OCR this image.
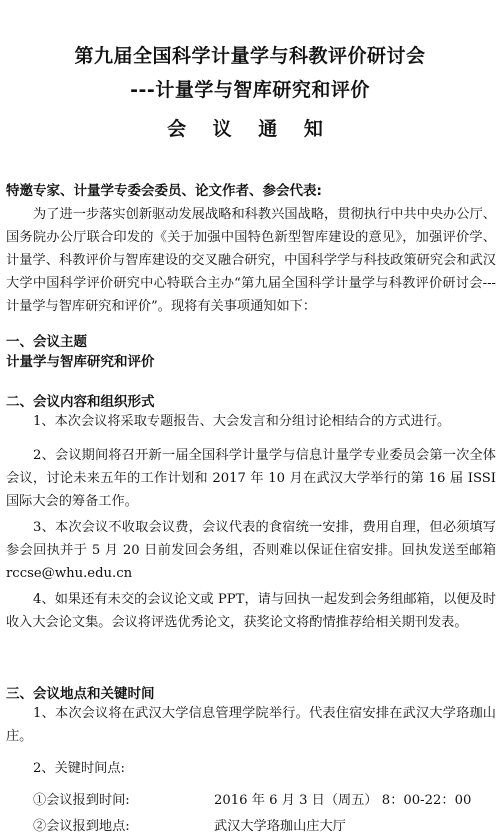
第九届全国科学计量学与科教评价研讨会
---计量学与智库研究和评价
会 议 通 知
特邀专家、计量学专委会委员、论文作者、参会代表:

为了进一步落实创新驱动发展战略和科教兴国战略，贯彻执行中共中央办公厅、国务院办公厅联合印发的《关于加强中国特色新型智库建设的意见》，加强评价学、计量学、科教评价与智库建设的交叉融合研究，中国科学学与科技政策研究会和武汉大学中国科学评价研究中心特联合主办“第九届全国科学计量学与科教评价研讨会---计量学与智库研究和评价”。现将有关事项通知如下：

一、会议主题
计量学与智库研究和评价
二、会议内容和组织形式

1、本次会议将采取专题报告、大会发言和分组讨论相结合的方式进行。

2、会议期间将召开新一届全国科学计量学与信息计量学专业委员会第一次全体会议，讨论未来五年的工作计划和 2017 年 10 月在武汉大学举行的第 16 届 ISSI 国际大会的筹备工作。

3、本次会议不收取会议费，会议代表的食宿统一安排，费用自理，但必须填写参会回执并于 5 月 20 日前发回会务组，否则难以保证住宿安排。回执发送至邮箱 rccse@whu.edu.cn

4、如果还有未交的会议论文或 PPT，请与回执一起发到会务组邮箱，以便及时收入大会论文集。会议将评选优秀论文，获奖论文将酌情推荐给相关期刊发表。

三、会议地点和关键时间

1、本次会议将在武汉大学信息管理学院举行。代表住宿安排在武汉大学珞珈山庄。

2、关键时间点:

①会议报到时间:	2016 年 6 月 3 日（周五） 8：00-22：00
②会议报到地点:	武汉大学珞珈山庄大厅
